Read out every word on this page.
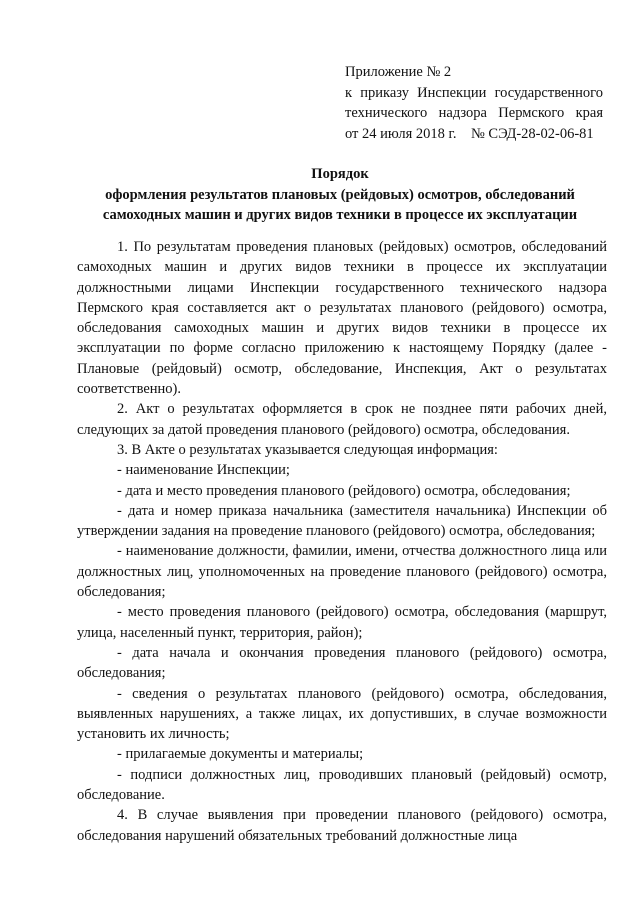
Приложение № 2
к приказу Инспекции государственного
технического надзора Пермского края
от 24 июля 2018 г.    № СЭД-28-02-06-81
Порядок
оформления результатов плановых (рейдовых) осмотров, обследований
самоходных машин и других видов техники в процессе их эксплуатации

1. По результатам проведения плановых (рейдовых) осмотров, обследований самоходных машин и других видов техники в процессе их эксплуатации должностными лицами Инспекции государственного технического надзора Пермского края составляется акт о результатах планового (рейдового) осмотра, обследования самоходных машин и других видов техники в процессе их эксплуатации по форме согласно приложению к настоящему Порядку (далее - Плановые (рейдовый) осмотр, обследование, Инспекция, Акт о результатах соответственно).

2. Акт о результатах оформляется в срок не позднее пяти рабочих дней, следующих за датой проведения планового (рейдового) осмотра, обследования.

3. В Акте о результатах указывается следующая информация:

- наименование Инспекции;

- дата и место проведения планового (рейдового) осмотра, обследования;

- дата и номер приказа начальника (заместителя начальника) Инспекции об утверждении задания на проведение планового (рейдового) осмотра, обследования;

- наименование должности, фамилии, имени, отчества должностного лица или должностных лиц, уполномоченных на проведение планового (рейдового) осмотра, обследования;

- место проведения планового (рейдового) осмотра, обследования (маршрут, улица, населенный пункт, территория, район);

- дата начала и окончания проведения планового (рейдового) осмотра, обследования;

- сведения о результатах планового (рейдового) осмотра, обследования, выявленных нарушениях, а также лицах, их допустивших, в случае возможности установить их личность;

- прилагаемые документы и материалы;

- подписи должностных лиц, проводивших плановый (рейдовый) осмотр, обследование.

4. В случае выявления при проведении планового (рейдового) осмотра, обследования нарушений обязательных требований должностные лица
